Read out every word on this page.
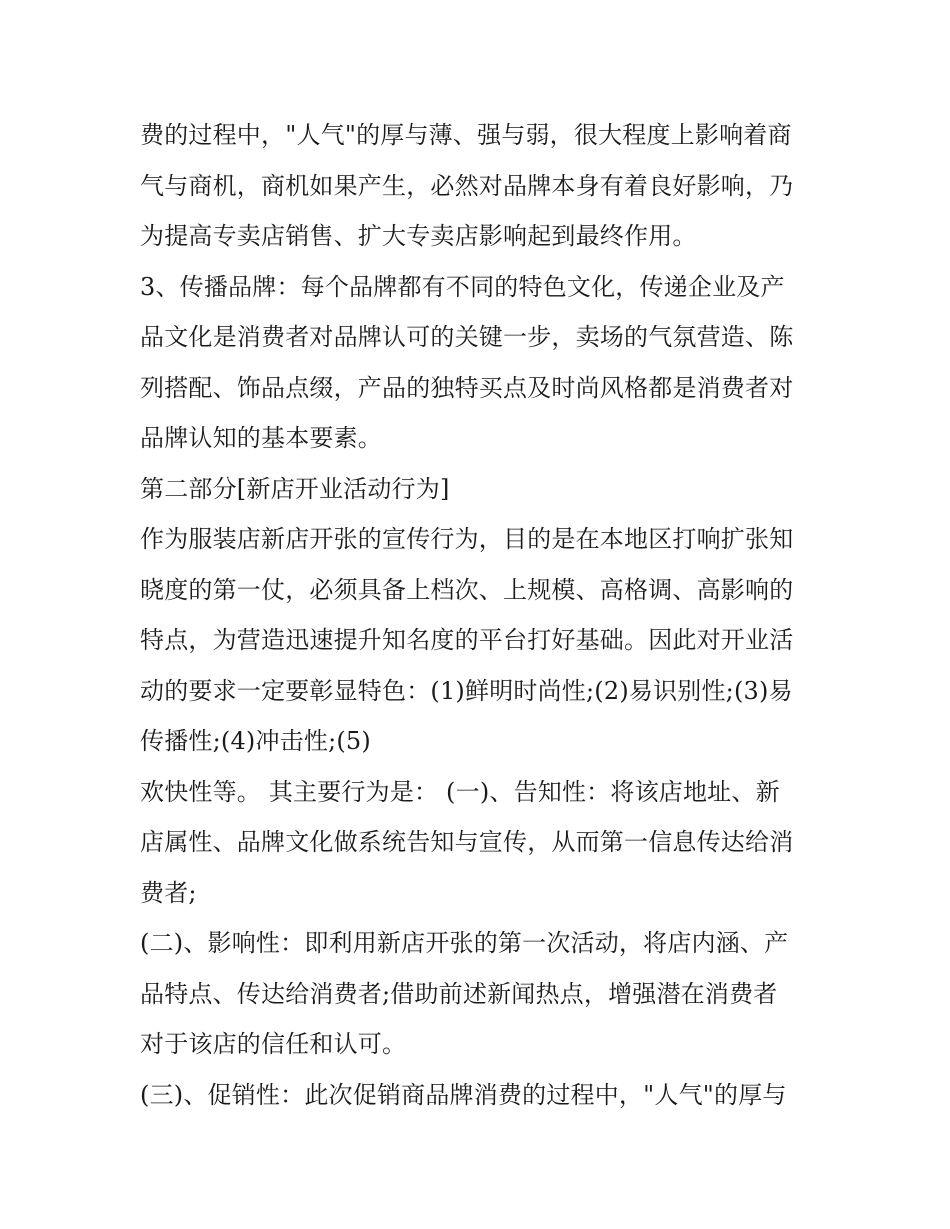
费的过程中，"人气"的厚与薄、强与弱，很大程度上影响着商
气与商机，商机如果产生，必然对品牌本身有着良好影响，乃
为提高专卖店销售、扩大专卖店影响起到最终作用。
3、传播品牌：每个品牌都有不同的特色文化，传递企业及产
品文化是消费者对品牌认可的关键一步，卖场的气氛营造、陈
列搭配、饰品点缀，产品的独特买点及时尚风格都是消费者对
品牌认知的基本要素。
第二部分[新店开业活动行为]
作为服装店新店开张的宣传行为，目的是在本地区打响扩张知
晓度的第一仗，必须具备上档次、上规模、高格调、高影响的
特点，为营造迅速提升知名度的平台打好基础。因此对开业活
动的要求一定要彰显特色：(1)鲜明时尚性;(2)易识别性;(3)易
传播性;(4)冲击性;(5)
欢快性等。 其主要行为是： (一)、告知性：将该店地址、新
店属性、品牌文化做系统告知与宣传，从而第一信息传达给消
费者;
(二)、影响性：即利用新店开张的第一次活动，将店内涵、产
品特点、传达给消费者;借助前述新闻热点，增强潜在消费者
对于该店的信任和认可。
(三)、促销性：此次促销商品牌消费的过程中，"人气"的厚与
